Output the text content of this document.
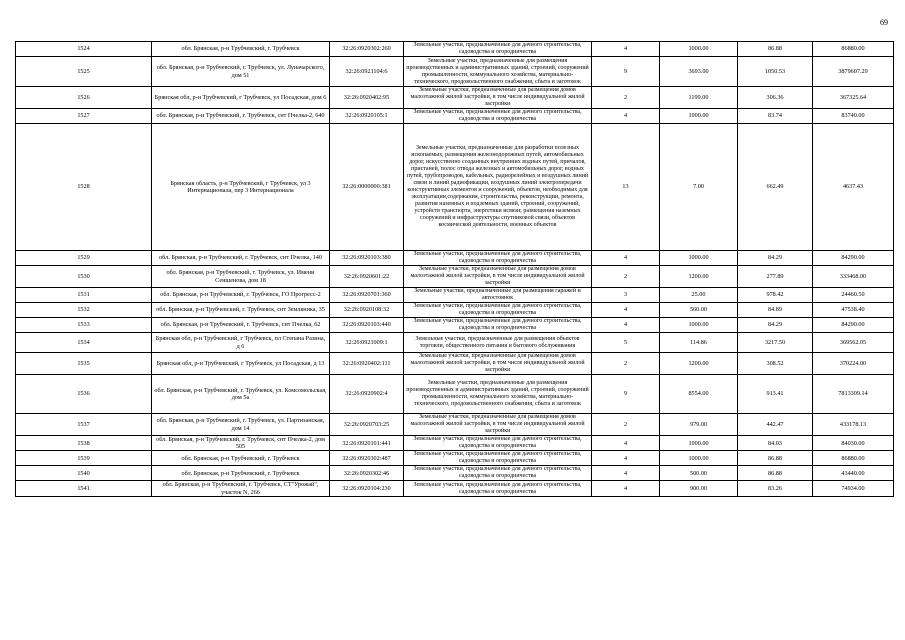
69
1524	обл. Брянская, р-н Трубчевский, г. Трубчевск	32:26:0920302:260	Земельные участки, предназначенные для дачного строительства, садоводства и огородничества	4	1000.00	86.88	86880.00
1525	обл. Брянская, р-н Трубчевский, г. Трубчевск, ул. Луначарского, дом 51	32:26:0921104:6	Земельные участки, предназначенные для размещения производственных и административных зданий, строений, сооружений промышленности, коммунального хозяйства, материально-технического, продовольственного снабжения, сбыта и заготовок	9	3693.00	1050.53	3879607.29
1526	Брянская обл, р-н Трубчевский, г Трубчевск, ул Посадская, дом 6	32:26:0920402:95	Земельные участки, предназначенные для размещения домов малоэтажной жилой застройки, в том числе индивидуальной жилой застройки	2	1199.00	306.36	367325.64
1527	обл. Брянская, р-н Трубчевский, г. Трубчевск, снт Пчелка-2, 640	32:26:0920105:1	Земельные участки, предназначенные для дачного строительства, садоводства и огородничества	4	1000.00	83.74	83740.00
1528	Брянская область, р-н Трубчевский, г Трубчевск, ул 3 Интернационала, пер 3 Интернационала	32:26:0000000:381	Земельные участки, предназначенные для разработки полезных ископаемых, размещения железнодорожных путей, автомобильных дорог, искусственно созданных внутренних водных путей, причалов, пристаней, полос отвода железных и автомобильных дорог, водных путей, трубопроводов, кабельных, радиорелейных и воздушных линий связи и линий радиофикации, воздушных линий электропередачи конструктивных элементов и сооружений, объектов, необходимых для эксплуатации,содержания, строительства, реконструкции, ремонта, развития наземных и подземных зданий, строений, сооружений, устройств транспорта, энергетики исвязи; размещения наземных сооружений и инфраструктуры спутниковой связи, объектов космической деятельности, военных объектов	13	7.00	662.49	4637.43
1529	обл. Брянская, р-н Трубчевский, г. Трубчевск, снт Пчелка, 140	32:26:0920103:380	Земельные участки, предназначенные для дачного строительства, садоводства и огородничества	4	1000.00	84.29	84290.00
1530	обл. Брянская, р-н Трубчевский, г. Трубчевск, ул. Имени Сеншенова, дом 18	32:26:0920601:22	Земельные участки, предназначенные для размещения домов малоэтажной жилой застройки, в том числе индивидуальной жилой застройки	2	1200.00	277.89	333468.00
1531	обл. Брянская, р-н Трубчевский, г. Трубчевск, ГО Прогресс-2	32:26:0920701:360	Земельные участки, предназначенные для размещения гаражей и автостоянок	3	25.00	978.42	24460.50
1532	обл. Брянская, р-н Трубчевский, г. Трубчевск, снт Земляника, 35	32:26:0920108:32	Земельные участки, предназначенные для дачного строительства, садоводства и огородничества	4	560.00	84.89	47538.40
1533	обл. Брянская, р-н Трубчевский, г. Трубчевск, снт Пчелка, 62	32:26:0920103:440	Земельные участки, предназначенные для дачного строительства, садоводства и огородничества	4	1000.00	84.29	84290.00
1534	Брянская обл, р-н Трубчевский, г Трубчевск, пл Степана Разина, д 6	32:26:0921009:1	Земельные участки, предназначенные для размещения объектов торговли, общественного питания и бытового обслуживания	5	114.86	3217.50	369562.05
1535	Брянская обл, р-н Трубчевский, г Трубчевск, ул Посадская, д 13	32:26:0920402:111	Земельные участки, предназначенные для размещения домов малоэтажной жилой застройки, в том числе индивидуальной жилой застройки	2	1200.00	308.52	370224.00
1536	обл. Брянская, р-н Трубчевский, г. Трубчевск, ул. Комсомольская, дом 5а	32:26:0920902:4	Земельные участки, предназначенные для размещения производственных и административных зданий, строений, сооружений промышленности, коммунального хозяйства, материально-технического, продовольственного снабжения, сбыта и заготовок	9	8554.00	913.41	7813309.14
1537	обл. Брянская, р-н Трубчевский, г. Трубчевск, ул. Партизанская, дом 14	32:26:0920703:25	Земельные участки, предназначенные для размещения домов малоэтажной жилой застройки, в том числе индивидуальной жилой застройки	2	979.00	442.47	433178.13
1538	обл. Брянская, р-н Трубчевский, г. Трубчевск, снт Пчелка-2, дом 505	32:26:0920101:441	Земельные участки, предназначенные для дачного строительства, садоводства и огородничества	4	1000.00	84.03	84030.00
1539	обл. Брянская, р-н Трубчевский, г. Трубчевск	32:26:0920302:487	Земельные участки, предназначенные для дачного строительства, садоводства и огородничества	4	1000.00	86.88	86880.00
1540	обл. Брянская, р-н Трубчевский, г. Трубчевск	32:26:0920302:46	Земельные участки, предназначенные для дачного строительства, садоводства и огородничества	4	500.00	86.88	43440.00
1541	обл. Брянская, р-н Трубчевский, г. Трубчевск, СТ"Урожай", участок N, 266	32:26:0920104:230	Земельные участки, предназначенные для дачного строительства, садоводства и огородничества	4	900.00	83.26	74934.00
